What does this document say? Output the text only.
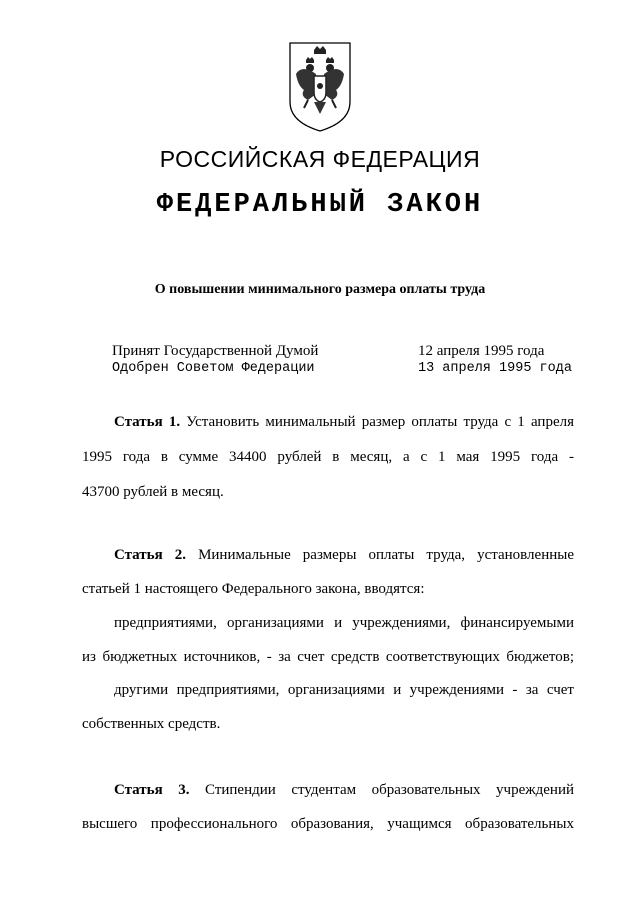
РОССИЙСКАЯ ФЕДЕРАЦИЯ
ФЕДЕРАЛЬНЫЙ ЗАКОН
О повышении минимального размера оплаты труда
Принят Государственной Думой	12 апреля 1995 года
Одобрен Советом Федерации	13 апреля 1995 года
Статья 1. Установить минимальный размер оплаты труда с 1 апреля
1995 года в сумме 34400 рублей в месяц, а с 1 мая 1995 года -
43700 рублей в месяц.
Статья 2. Минимальные размеры оплаты труда, установленные
статьей 1 настоящего Федерального закона, вводятся:
предприятиями, организациями и учреждениями, финансируемыми
из бюджетных источников, - за счет средств соответствующих бюджетов;
другими предприятиями, организациями и учреждениями - за счет
собственных средств.
Статья 3. Стипендии студентам образовательных учреждений
высшего профессионального образования, учащимся образовательных
